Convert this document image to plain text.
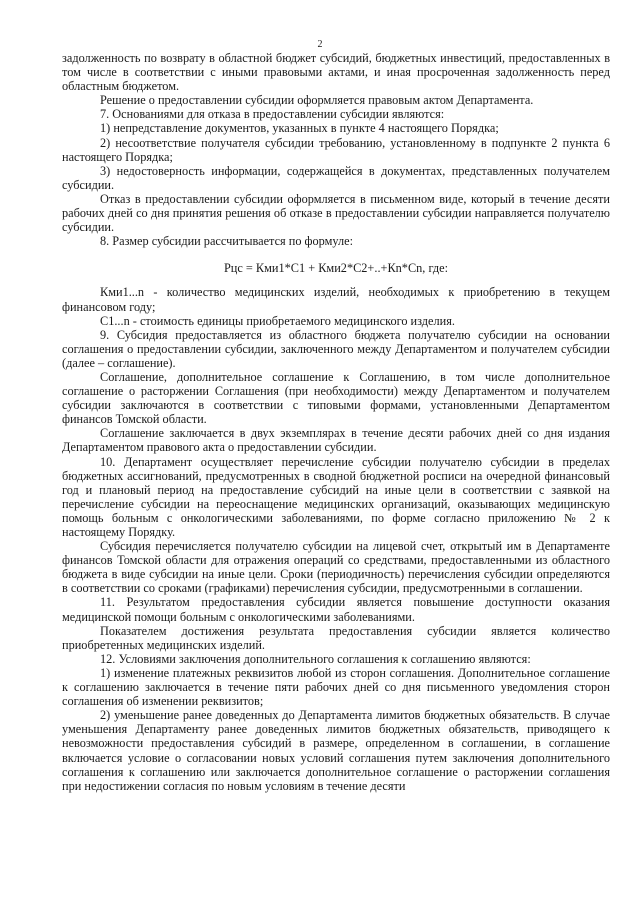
2

задолженность по возврату в областной бюджет субсидий, бюджетных инвестиций, предоставленных в том числе в соответствии с иными правовыми актами, и иная просроченная задолженность перед областным бюджетом.

Решение о предоставлении субсидии оформляется правовым актом Департамента.

7. Основаниями для отказа в предоставлении субсидии являются:

1) непредставление документов, указанных в пункте 4 настоящего Порядка;

2) несоответствие получателя субсидии требованию, установленному в подпункте 2 пункта 6 настоящего Порядка;

3) недостоверность информации, содержащейся в документах, представленных получателем субсидии.

Отказ в предоставлении субсидии оформляется в письменном виде, который в течение десяти рабочих дней со дня принятия решения об отказе в предоставлении субсидии направляется получателю субсидии.

8. Размер субсидии рассчитывается по формуле:

Рцс = Кми1*С1 + Кми2*С2+..+Кn*Сn, где:

Кми1...n - количество медицинских изделий, необходимых к приобретению в текущем финансовом году;

С1...n - стоимость единицы приобретаемого медицинского изделия.

9. Субсидия предоставляется из областного бюджета получателю субсидии на основании соглашения о предоставлении субсидии, заключенного между Департаментом и получателем субсидии (далее – соглашение).

Соглашение, дополнительное соглашение к Соглашению, в том числе дополнительное соглашение о расторжении Соглашения (при необходимости) между Департаментом и получателем субсидии заключаются в соответствии с типовыми формами, установленными Департаментом финансов Томской области.

Соглашение заключается в двух экземплярах в течение десяти рабочих дней со дня издания Департаментом правового акта о предоставлении субсидии.

10. Департамент осуществляет перечисление субсидии получателю субсидии в пределах бюджетных ассигнований, предусмотренных в сводной бюджетной росписи на очередной финансовый год и плановый период на предоставление субсидий на иные цели в соответствии с заявкой на перечисление субсидии на переоснащение медицинских организаций, оказывающих медицинскую помощь больным с онкологическими заболеваниями, по форме согласно приложению № 2 к настоящему Порядку.

Субсидия перечисляется получателю субсидии на лицевой счет, открытый им в Департаменте финансов Томской области для отражения операций со средствами, предоставленными из областного бюджета в виде субсидии на иные цели. Сроки (периодичность) перечисления субсидии определяются в соответствии со сроками (графиками) перечисления субсидии, предусмотренными в соглашении.

11. Результатом предоставления субсидии является повышение доступности оказания медицинской помощи больным с онкологическими заболеваниями.

Показателем достижения результата предоставления субсидии является количество приобретенных медицинских изделий.

12. Условиями заключения дополнительного соглашения к соглашению являются:

1) изменение платежных реквизитов любой из сторон соглашения. Дополнительное соглашение к соглашению заключается в течение пяти рабочих дней со дня письменного уведомления сторон соглашения об изменении реквизитов;

2) уменьшение ранее доведенных до Департамента лимитов бюджетных обязательств. В случае уменьшения Департаменту ранее доведенных лимитов бюджетных обязательств, приводящего к невозможности предоставления субсидий в размере, определенном в соглашении, в соглашение включается условие о согласовании новых условий соглашения путем заключения дополнительного соглашения к соглашению или заключается дополнительное соглашение о расторжении соглашения при недостижении согласия по новым условиям в течение десяти
